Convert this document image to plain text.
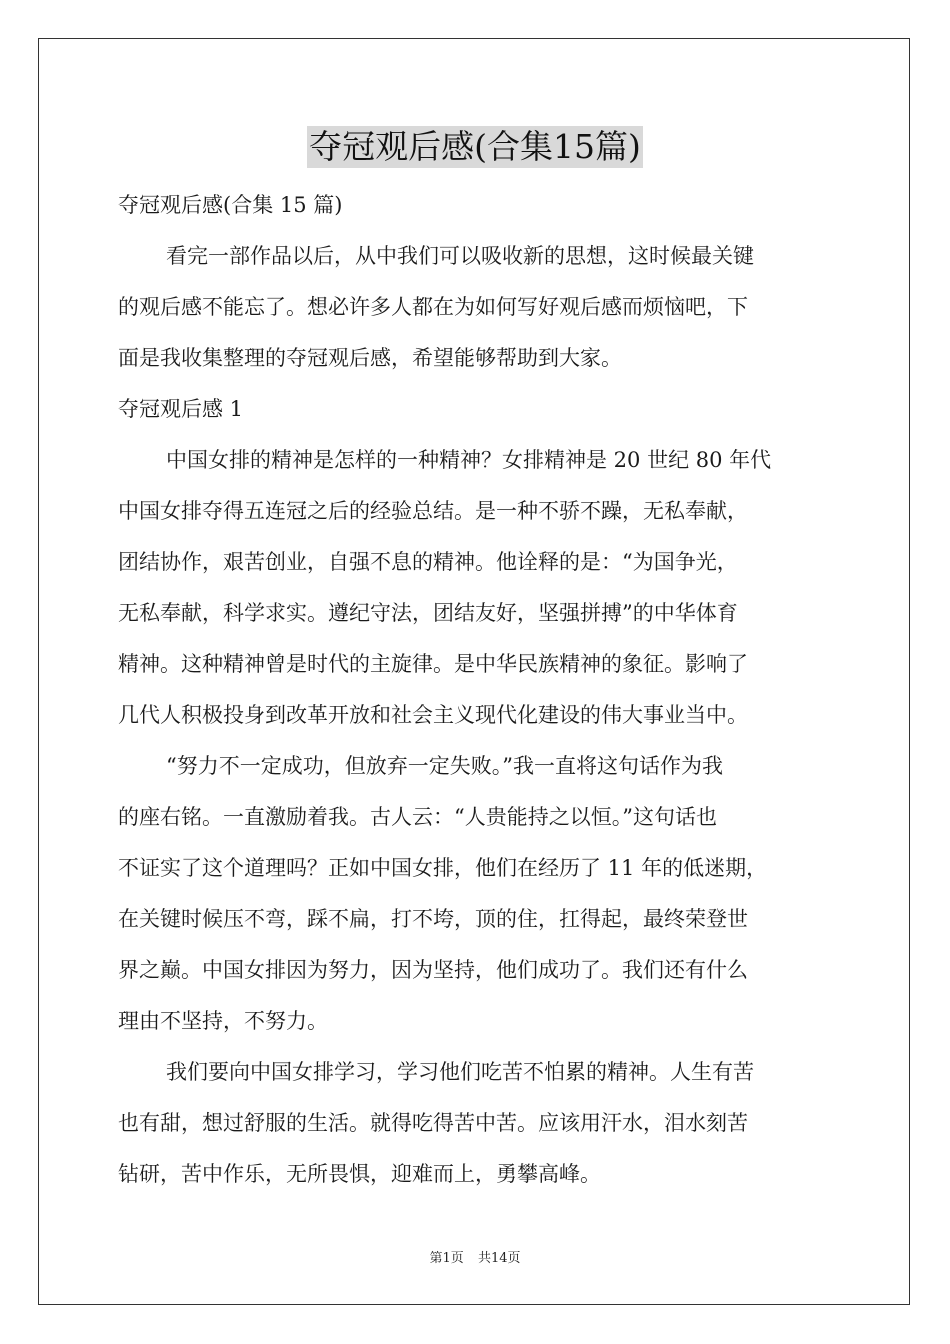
夺冠观后感(合集15篇)

夺冠观后感(合集 15 篇)

看完一部作品以后，从中我们可以吸收新的思想，这时候最关键

的观后感不能忘了。想必许多人都在为如何写好观后感而烦恼吧，下

面是我收集整理的夺冠观后感，希望能够帮助到大家。

夺冠观后感 1

中国女排的精神是怎样的一种精神？女排精神是 20 世纪 80 年代

中国女排夺得五连冠之后的经验总结。是一种不骄不躁，无私奉献，

团结协作，艰苦创业，自强不息的精神。他诠释的是：“为国争光，

无私奉献，科学求实。遵纪守法，团结友好，坚强拼搏”的中华体育

精神。这种精神曾是时代的主旋律。是中华民族精神的象征。影响了

几代人积极投身到改革开放和社会主义现代化建设的伟大事业当中。

“努力不一定成功，但放弃一定失败。”我一直将这句话作为我

的座右铭。一直激励着我。古人云：“人贵能持之以恒。”这句话也

不证实了这个道理吗？正如中国女排，他们在经历了 11 年的低迷期，

在关键时候压不弯，踩不扁，打不垮，顶的住，扛得起，最终荣登世

界之巅。中国女排因为努力，因为坚持，他们成功了。我们还有什么

理由不坚持，不努力。

我们要向中国女排学习，学习他们吃苦不怕累的精神。人生有苦

也有甜，想过舒服的生活。就得吃得苦中苦。应该用汗水，泪水刻苦

钻研，苦中作乐，无所畏惧，迎难而上，勇攀高峰。

第1页 共14页
